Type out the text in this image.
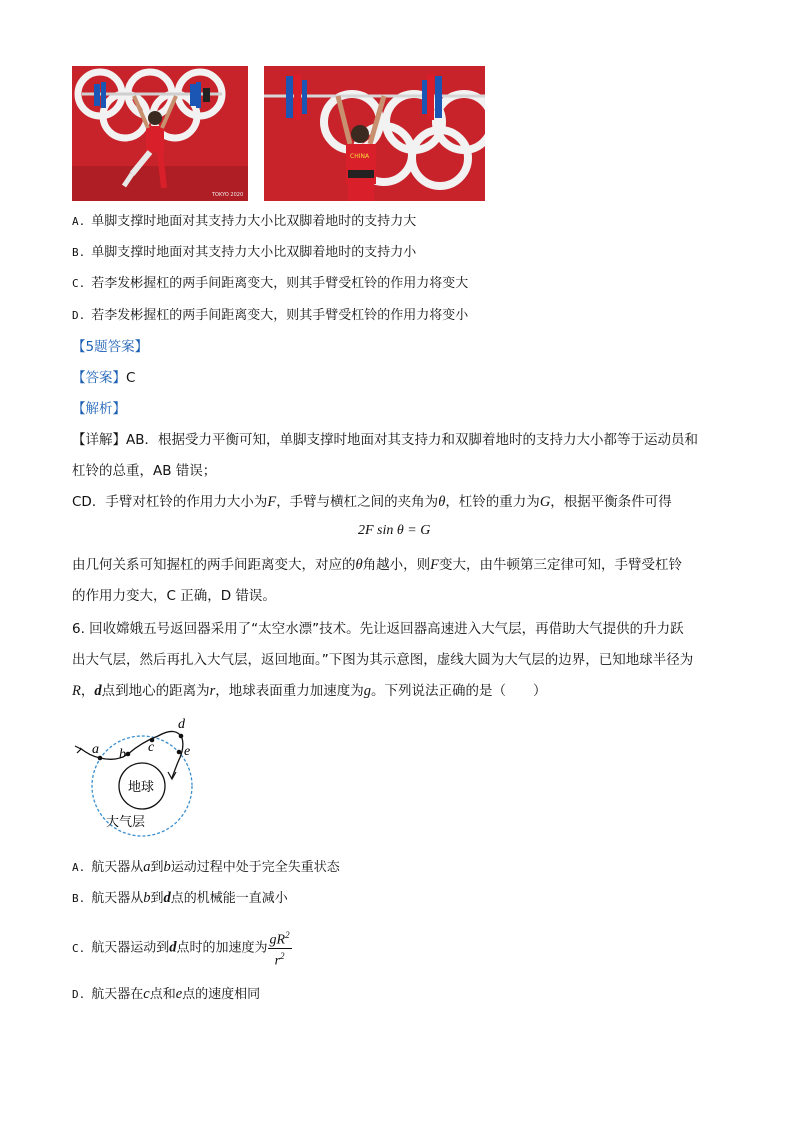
TOKYO 2020
CHINA
A. 单脚支撑时地面对其支持力大小比双脚着地时的支持力大
B. 单脚支撑时地面对其支持力大小比双脚着地时的支持力小
C. 若李发彬握杠的两手间距离变大，则其手臂受杠铃的作用力将变大
D. 若李发彬握杠的两手间距离变大，则其手臂受杠铃的作用力将变小
【5题答案】
【答案】C
【解析】
【详解】AB．根据受力平衡可知，单脚支撑时地面对其支持力和双脚着地时的支持力大小都等于运动员和
杠铃的总重，AB 错误；
CD．手臂对杠铃的作用力大小为F，手臂与横杠之间的夹角为θ，杠铃的重力为G，根据平衡条件可得
2F sin θ = G
由几何关系可知握杠的两手间距离变大，对应的θ角越小，则F变大，由牛顿第三定律可知，手臂受杠铃
的作用力变大，C 正确，D 错误。
6. 回收嫦娥五号返回器采用了“太空水漂”技术。先让返回器高速进入大气层，再借助大气提供的升力跃
出大气层，然后再扎入大气层，返回地面。”下图为其示意图，虚线大圆为大气层的边界，已知地球半径为
R，d点到地心的距离为r，地球表面重力加速度为g。下列说法正确的是（　　）
a b c
d
e
地球
大气层
A. 航天器从a到b运动过程中处于完全失重状态
B. 航天器从b到d点的机械能一直减小
C. 航天器运动到d点时的加速度为 $\frac{gR^2}{r^2}$
D. 航天器在c点和e点的速度相同
